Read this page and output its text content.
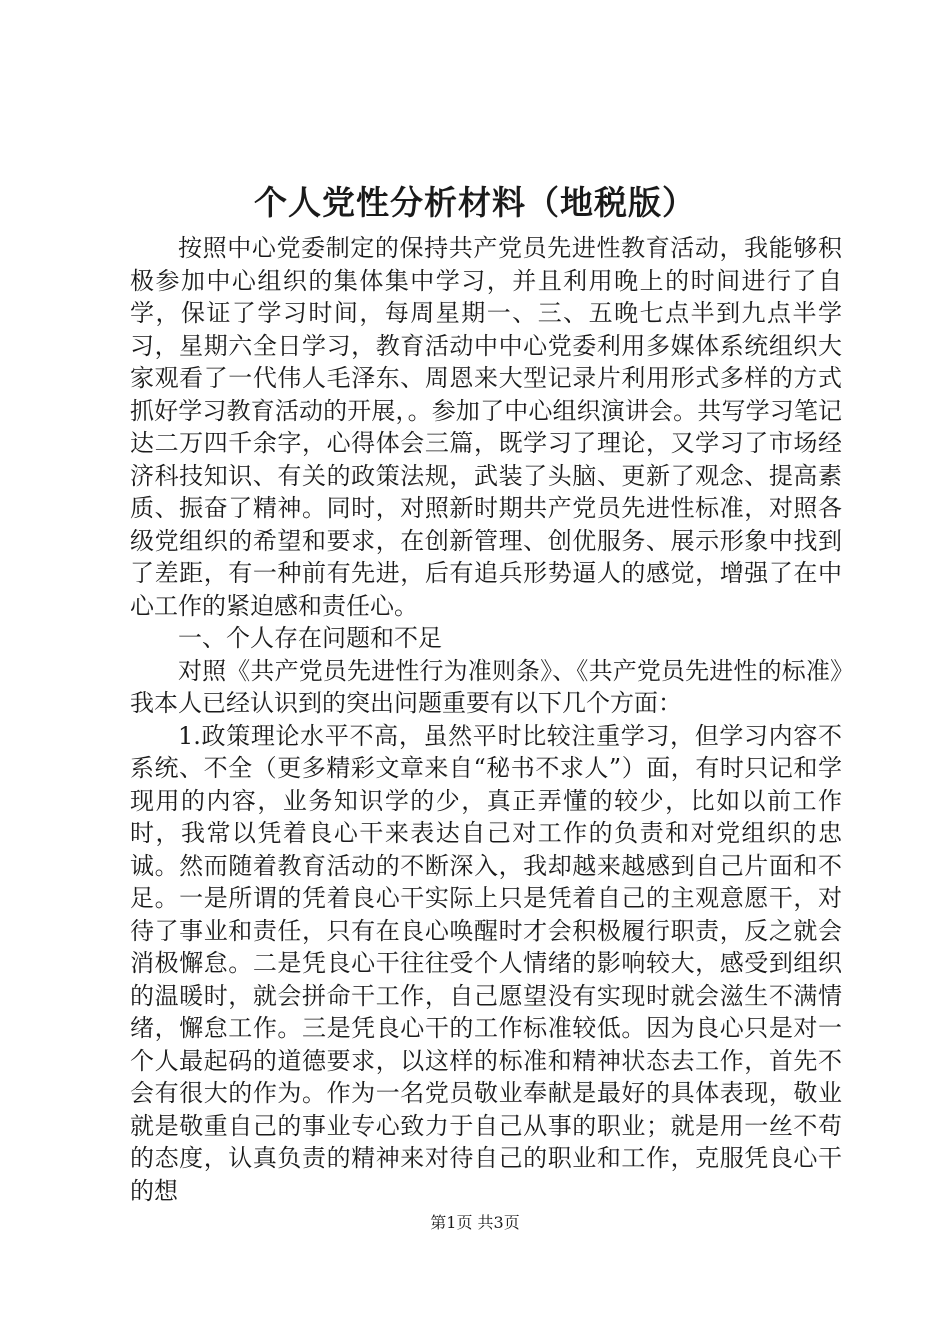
个人党性分析材料（地税版）

按照中心党委制定的保持共产党员先进性教育活动，我能够积极参加中心组织的集体集中学习，并且利用晚上的时间进行了自学，保证了学习时间，每周星期一、三、五晚七点半到九点半学习，星期六全日学习，教育活动中中心党委利用多媒体系统组织大家观看了一代伟人毛泽东、周恩来大型记录片利用形式多样的方式抓好学习教育活动的开展，。参加了中心组织演讲会。共写学习笔记达二万四千余字，心得体会三篇，既学习了理论，又学习了市场经济科技知识、有关的政策法规，武装了头脑、更新了观念、提高素质、振奋了精神。同时，对照新时期共产党员先进性标准，对照各级党组织的希望和要求，在创新管理、创优服务、展示形象中找到了差距，有一种前有先进，后有追兵形势逼人的感觉，增强了在中心工作的紧迫感和责任心。

一、个人存在问题和不足

对照《共产党员先进性行为准则条》、《共产党员先进性的标准》我本人已经认识到的突出问题重要有以下几个方面：

1.政策理论水平不高，虽然平时比较注重学习，但学习内容不系统、不全（更多精彩文章来自“秘书不求人”）面，有时只记和学现用的内容，业务知识学的少，真正弄懂的较少，比如以前工作时，我常以凭着良心干来表达自己对工作的负责和对党组织的忠诚。然而随着教育活动的不断深入，我却越来越感到自己片面和不足。一是所谓的凭着良心干实际上只是凭着自己的主观意愿干，对待了事业和责任，只有在良心唤醒时才会积极履行职责，反之就会消极懈怠。二是凭良心干往往受个人情绪的影响较大，感受到组织的温暖时，就会拼命干工作，自己愿望没有实现时就会滋生不满情绪，懈怠工作。三是凭良心干的工作标准较低。因为良心只是对一个人最起码的道德要求，以这样的标准和精神状态去工作，首先不会有很大的作为。作为一名党员敬业奉献是最好的具体表现，敬业就是敬重自己的事业专心致力于自己从事的职业；就是用一丝不苟的态度，认真负责的精神来对待自己的职业和工作，克服凭良心干的想

第1页 共3页
